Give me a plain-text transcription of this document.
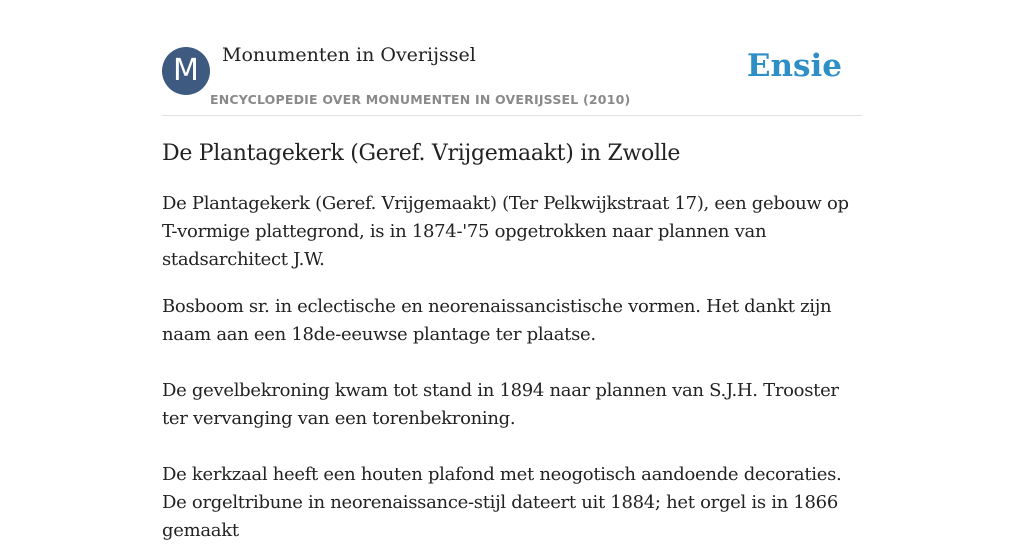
M	Monumenten in Overijssel
ENCYCLOPEDIE OVER MONUMENTEN IN OVERIJSSEL (2010)
Ensie
De Plantagekerk (Geref. Vrijgemaakt) in Zwolle

De Plantagekerk (Geref. Vrijgemaakt) (Ter Pelkwijkstraat 17), een gebouw op T-vormige plattegrond, is in 1874-'75 opgetrokken naar plannen van stadsarchitect J.W.

Bosboom sr. in eclectische en neorenaissancistische vormen. Het dankt zijn naam aan een 18de-eeuwse plantage ter plaatse.

De gevelbekroning kwam tot stand in 1894 naar plannen van S.J.H. Trooster ter vervanging van een torenbekroning.

De kerkzaal heeft een houten plafond met neogotisch aandoende decoraties. De orgeltribune in neorenaissance-stijl dateert uit 1884; het orgel is in 1866 gemaakt
